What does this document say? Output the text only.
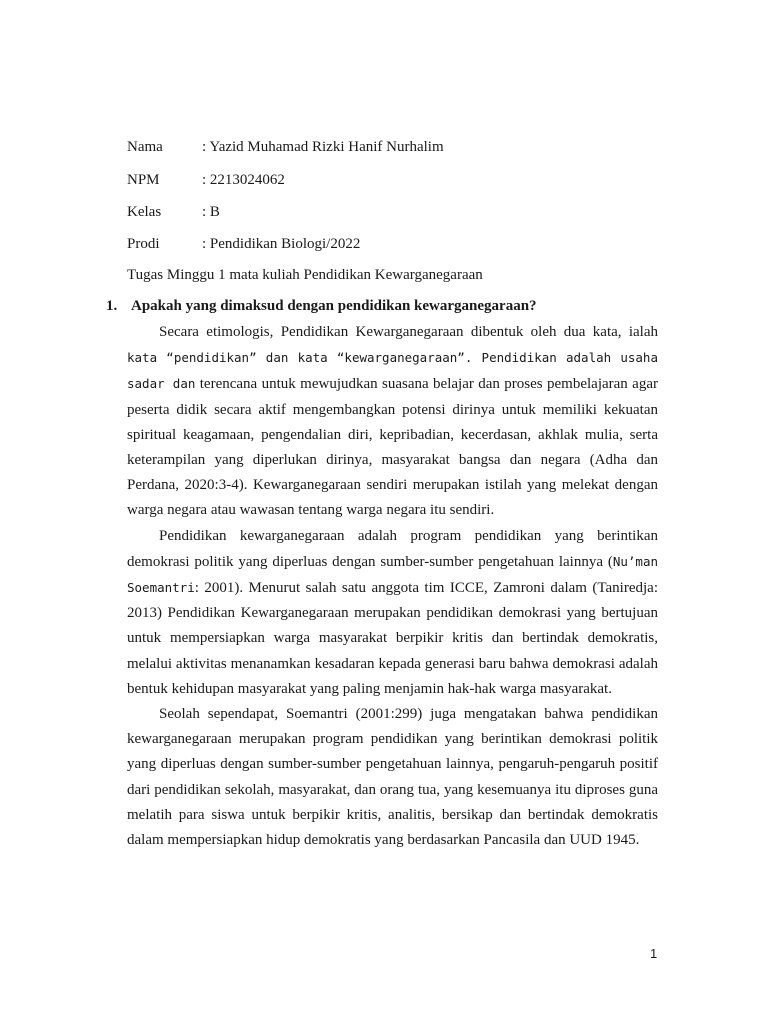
Nama	: Yazid Muhamad Rizki Hanif Nurhalim
NPM	: 2213024062
Kelas	: B
Prodi	: Pendidikan Biologi/2022
Tugas Minggu 1 mata kuliah Pendidikan Kewarganegaraan
1. Apakah yang dimaksud dengan pendidikan kewarganegaraan?

Secara etimologis, Pendidikan Kewarganegaraan dibentuk oleh dua kata, ialah kata “pendidikan” dan kata “kewarganegaraan”. Pendidikan adalah usaha sadar dan terencana untuk mewujudkan suasana belajar dan proses pembelajaran agar peserta didik secara aktif mengembangkan potensi dirinya untuk memiliki kekuatan spiritual keagamaan, pengendalian diri, kepribadian, kecerdasan, akhlak mulia, serta keterampilan yang diperlukan dirinya, masyarakat bangsa dan negara (Adha dan Perdana, 2020:3-4). Kewarganegaraan sendiri merupakan istilah yang melekat dengan warga negara atau wawasan tentang warga negara itu sendiri.

Pendidikan kewarganegaraan adalah program pendidikan yang berintikan demokrasi politik yang diperluas dengan sumber-sumber pengetahuan lainnya (Nu’man Soemantri: 2001). Menurut salah satu anggota tim ICCE, Zamroni dalam (Taniredja: 2013) Pendidikan Kewarganegaraan merupakan pendidikan demokrasi yang bertujuan untuk mempersiapkan warga masyarakat berpikir kritis dan bertindak demokratis, melalui aktivitas menanamkan kesadaran kepada generasi baru bahwa demokrasi adalah bentuk kehidupan masyarakat yang paling menjamin hak-hak warga masyarakat.

Seolah sependapat, Soemantri (2001:299) juga mengatakan bahwa pendidikan kewarganegaraan merupakan program pendidikan yang berintikan demokrasi politik yang diperluas dengan sumber-sumber pengetahuan lainnya, pengaruh-pengaruh positif dari pendidikan sekolah, masyarakat, dan orang tua, yang kesemuanya itu diproses guna melatih para siswa untuk berpikir kritis, analitis, bersikap dan bertindak demokratis dalam mempersiapkan hidup demokratis yang berdasarkan Pancasila dan UUD 1945.

1
